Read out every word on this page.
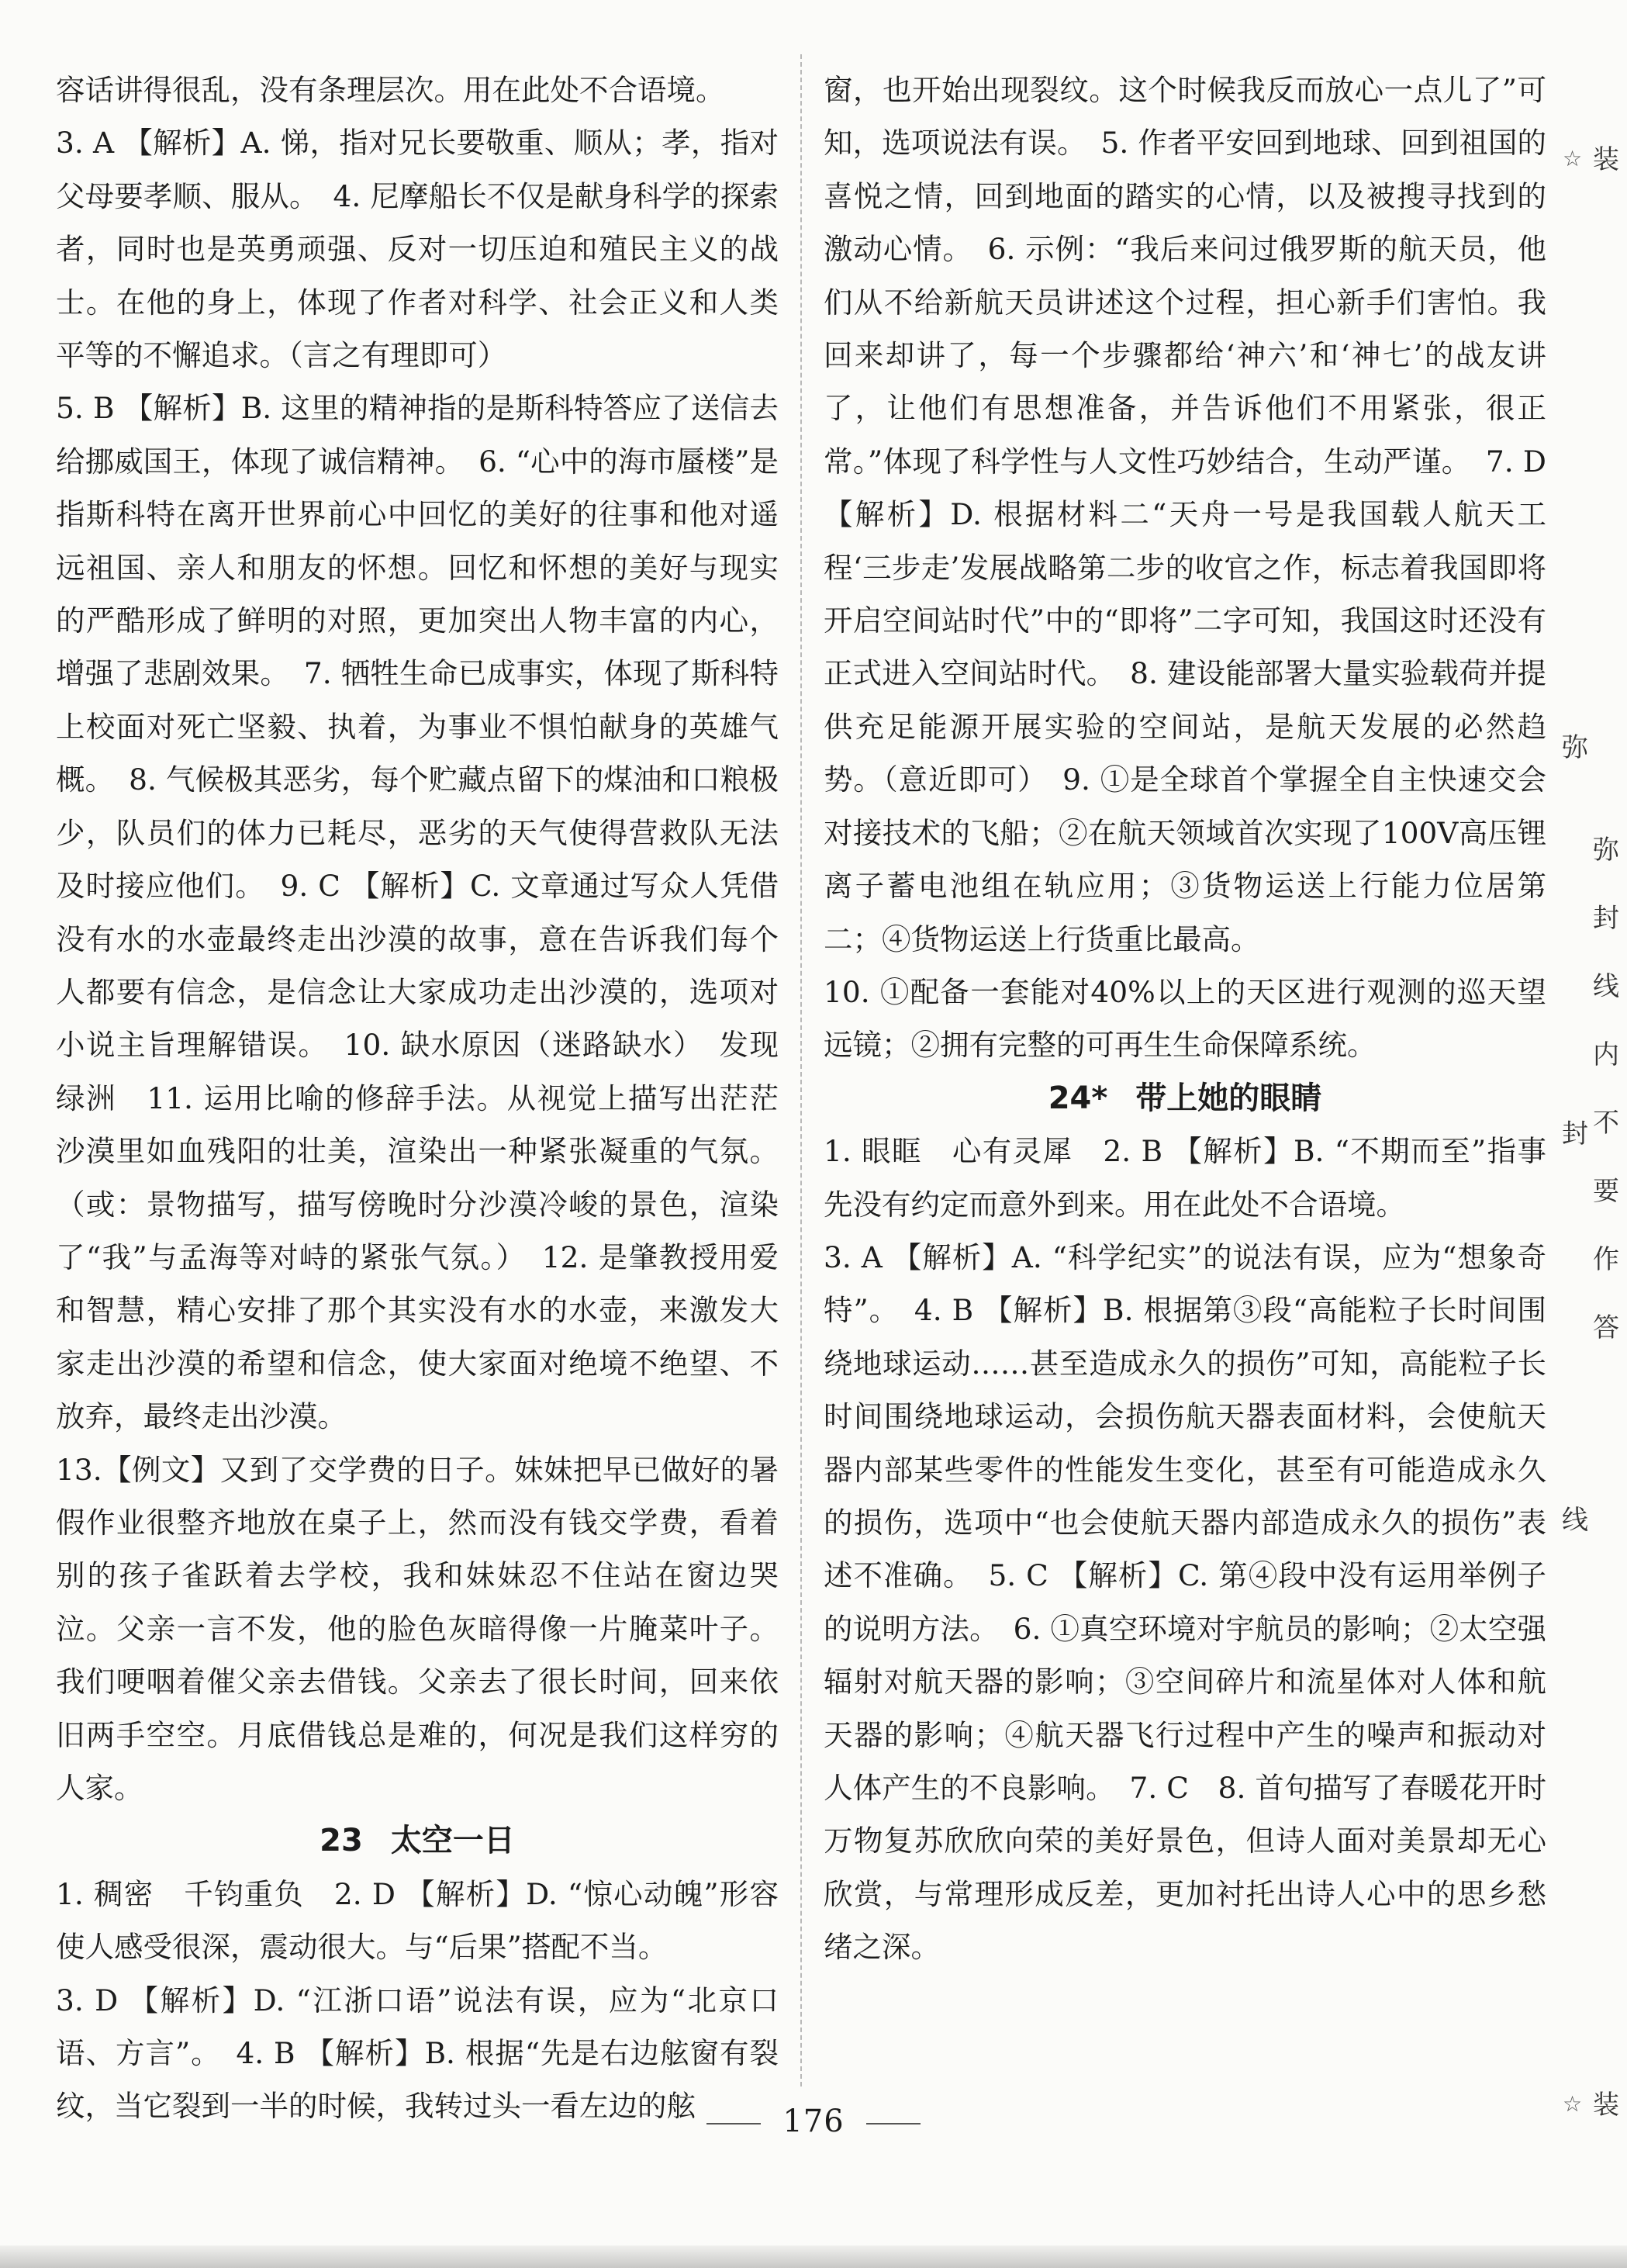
容话讲得很乱，没有条理层次。用在此处不合语境。

3. A 【解析】A. 悌，指对兄长要敬重、顺从；孝，指对父母要孝顺、服从。　4. 尼摩船长不仅是献身科学的探索者，同时也是英勇顽强、反对一切压迫和殖民主义的战士。在他的身上，体现了作者对科学、社会正义和人类平等的不懈追求。（言之有理即可）

5. B 【解析】B. 这里的精神指的是斯科特答应了送信去给挪威国王，体现了诚信精神。　6. “心中的海市蜃楼”是指斯科特在离开世界前心中回忆的美好的往事和他对遥远祖国、亲人和朋友的怀想。回忆和怀想的美好与现实的严酷形成了鲜明的对照，更加突出人物丰富的内心，增强了悲剧效果。　7. 牺牲生命已成事实，体现了斯科特上校面对死亡坚毅、执着，为事业不惧怕献身的英雄气概。　8. 气候极其恶劣，每个贮藏点留下的煤油和口粮极少，队员们的体力已耗尽，恶劣的天气使得营救队无法及时接应他们。　9. C 【解析】C. 文章通过写众人凭借没有水的水壶最终走出沙漠的故事，意在告诉我们每个人都要有信念，是信念让大家成功走出沙漠的，选项对小说主旨理解错误。　10. 缺水原因（迷路缺水）　发现绿洲　11. 运用比喻的修辞手法。从视觉上描写出茫茫沙漠里如血残阳的壮美，渲染出一种紧张凝重的气氛。（或：景物描写，描写傍晚时分沙漠冷峻的景色，渲染了“我”与孟海等对峙的紧张气氛。）　12. 是肇教授用爱和智慧，精心安排了那个其实没有水的水壶，来激发大家走出沙漠的希望和信念，使大家面对绝境不绝望、不放弃，最终走出沙漠。

13.【例文】又到了交学费的日子。妹妹把早已做好的暑假作业很整齐地放在桌子上，然而没有钱交学费，看着别的孩子雀跃着去学校，我和妹妹忍不住站在窗边哭泣。父亲一言不发，他的脸色灰暗得像一片腌菜叶子。我们哽咽着催父亲去借钱。父亲去了很长时间，回来依旧两手空空。月底借钱总是难的，何况是我们这样穷的人家。

23 太空一日

1. 稠密　千钧重负　2. D 【解析】D. “惊心动魄”形容使人感受很深，震动很大。与“后果”搭配不当。

3. D 【解析】D. “江浙口语”说法有误，应为“北京口语、方言”。　4. B 【解析】B. 根据“先是右边舷窗有裂纹，当它裂到一半的时候，我转过头一看左边的舷

窗，也开始出现裂纹。这个时候我反而放心一点儿了”可知，选项说法有误。　5. 作者平安回到地球、回到祖国的喜悦之情，回到地面的踏实的心情，以及被搜寻找到的激动心情。　6. 示例：“我后来问过俄罗斯的航天员，他们从不给新航天员讲述这个过程，担心新手们害怕。我回来却讲了，每一个步骤都给‘神六’和‘神七’的战友讲了，让他们有思想准备，并告诉他们不用紧张，很正常。”体现了科学性与人文性巧妙结合，生动严谨。　7. D 【解析】D. 根据材料二“天舟一号是我国载人航天工程‘三步走’发展战略第二步的收官之作，标志着我国即将开启空间站时代”中的“即将”二字可知，我国这时还没有正式进入空间站时代。　8. 建设能部署大量实验载荷并提供充足能源开展实验的空间站，是航天发展的必然趋势。（意近即可）　9. ①是全球首个掌握全自主快速交会对接技术的飞船；②在航天领域首次实现了100V高压锂离子蓄电池组在轨应用；③货物运送上行能力位居第二；④货物运送上行货重比最高。

10. ①配备一套能对40%以上的天区进行观测的巡天望远镜；②拥有完整的可再生生命保障系统。

24* 带上她的眼睛

1. 眼眶　心有灵犀　2. B 【解析】B. “不期而至”指事先没有约定而意外到来。用在此处不合语境。

3. A 【解析】A. “科学纪实”的说法有误，应为“想象奇特”。　4. B 【解析】B. 根据第③段“高能粒子长时间围绕地球运动……甚至造成永久的损伤”可知，高能粒子长时间围绕地球运动，会损伤航天器表面材料，会使航天器内部某些零件的性能发生变化，甚至有可能造成永久的损伤，选项中“也会使航天器内部造成永久的损伤”表述不准确。　5. C 【解析】C. 第④段中没有运用举例子的说明方法。　6. ①真空环境对宇航员的影响；②太空强辐射对航天器的影响；③空间碎片和流星体对人体和航天器的影响；④航天器飞行过程中产生的噪声和振动对人体产生的不良影响。　7. C　8. 首句描写了春暖花开时万物复苏欣欣向荣的美好景色，但诗人面对美景却无心欣赏，与常理形成反差，更加衬托出诗人心中的思乡愁绪之深。

176
☆ 装
弥
封
线
弥
封
线
内
不
要
作
答
☆ 装
